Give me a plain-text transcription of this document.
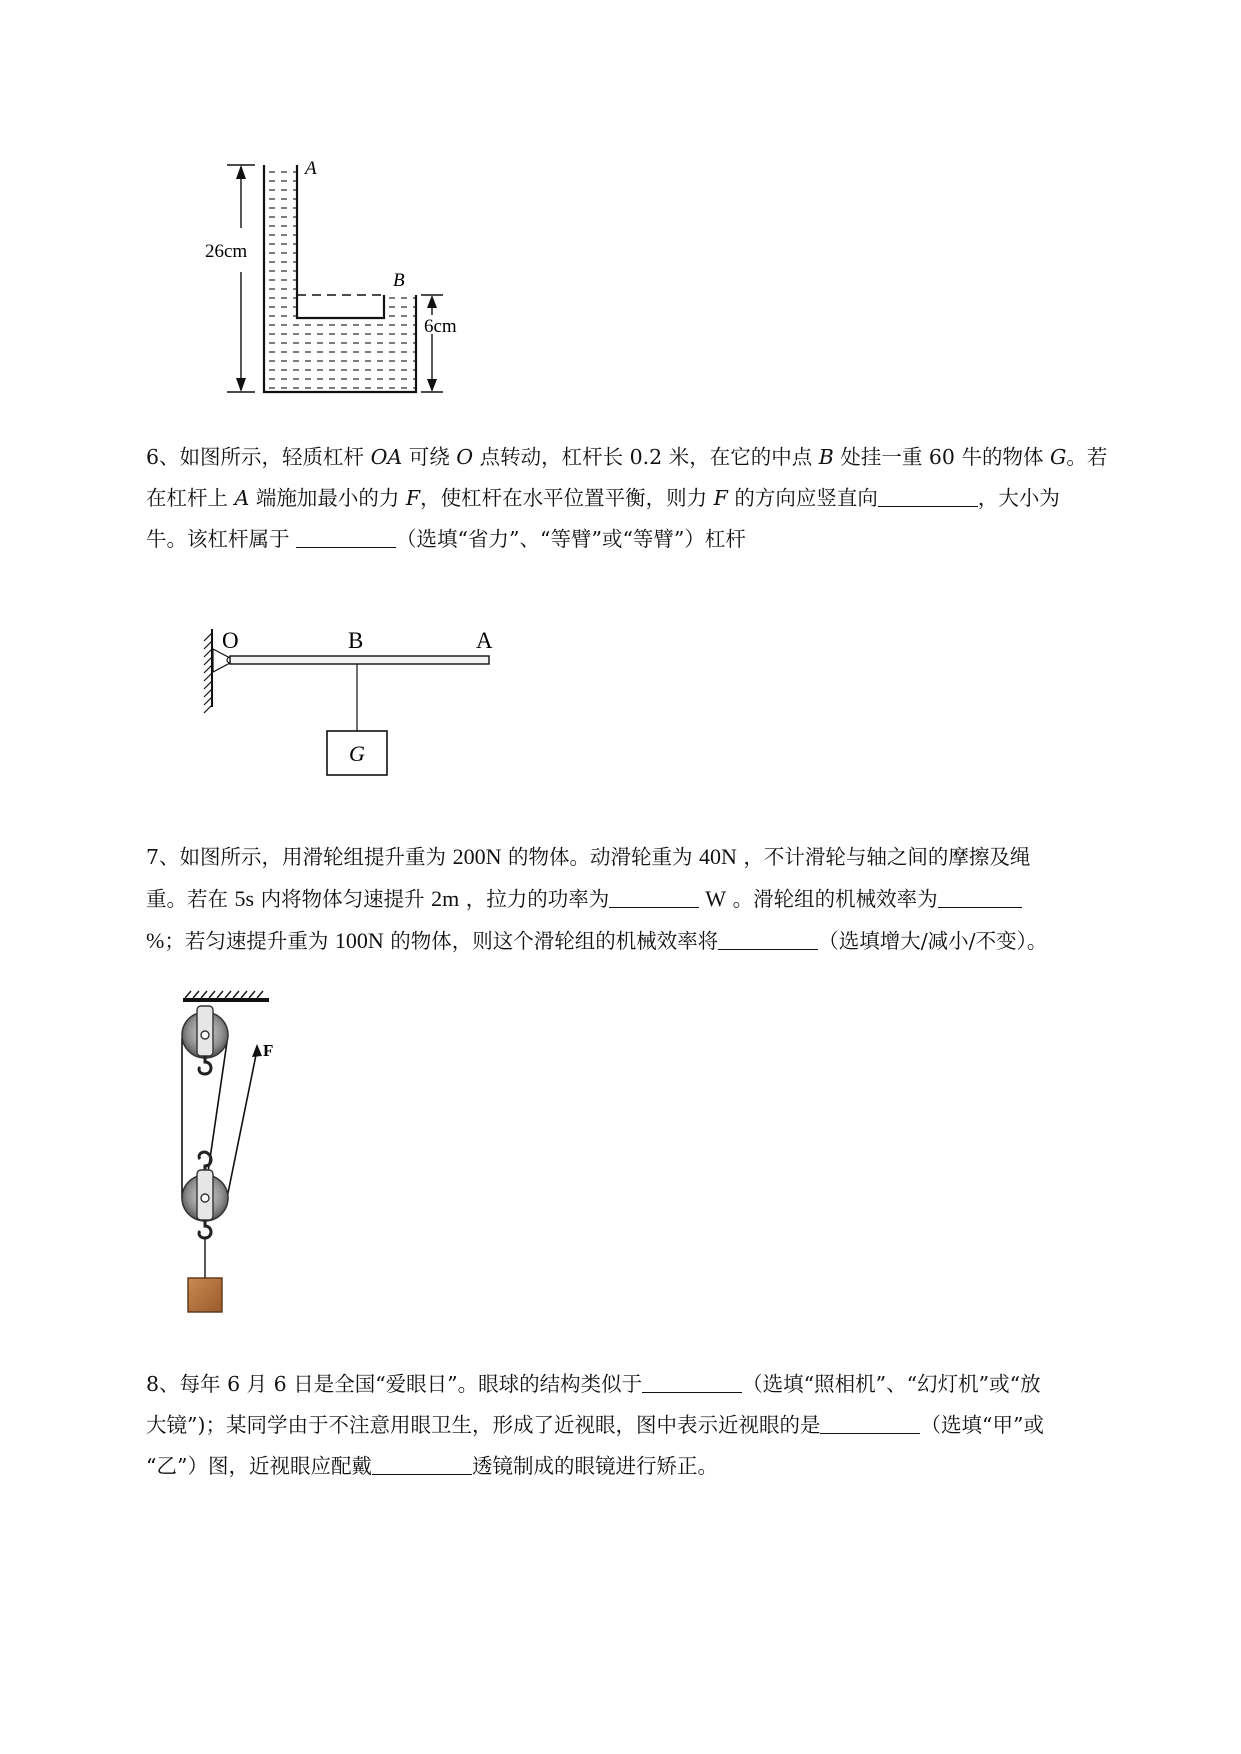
26cm
6cm
A
B
6、如图所示，轻质杠杆 OA 可绕 O 点转动，杠杆长 0.2 米，在它的中点 B 处挂一重 60 牛的物体 G。若
在杠杆上 A 端施加最小的力 F，使杠杆在水平位置平衡，则力 F 的方向应竖直向	，大小为
牛。该杠杆属于	（选填“省力”、“等臂”或“等臂”）杠杆
G
O	B	A
7、如图所示，用滑轮组提升重为 200N 的物体。动滑轮重为 40N ，不计滑轮与轴之间的摩擦及绳
重。若在 5s 内将物体匀速提升 2m ，拉力的功率为	W 。滑轮组的机械效率为
%；若匀速提升重为 100N 的物体，则这个滑轮组的机械效率将	（选填增大/减小/不变）。
F
8、每年 6 月 6 日是全国“爱眼日”。眼球的结构类似于	（选填“照相机”、“幻灯机”或“放
大镜”)；某同学由于不注意用眼卫生，形成了近视眼，图中表示近视眼的是	（选填“甲”或
“乙”）图，近视眼应配戴	透镜制成的眼镜进行矫正。
